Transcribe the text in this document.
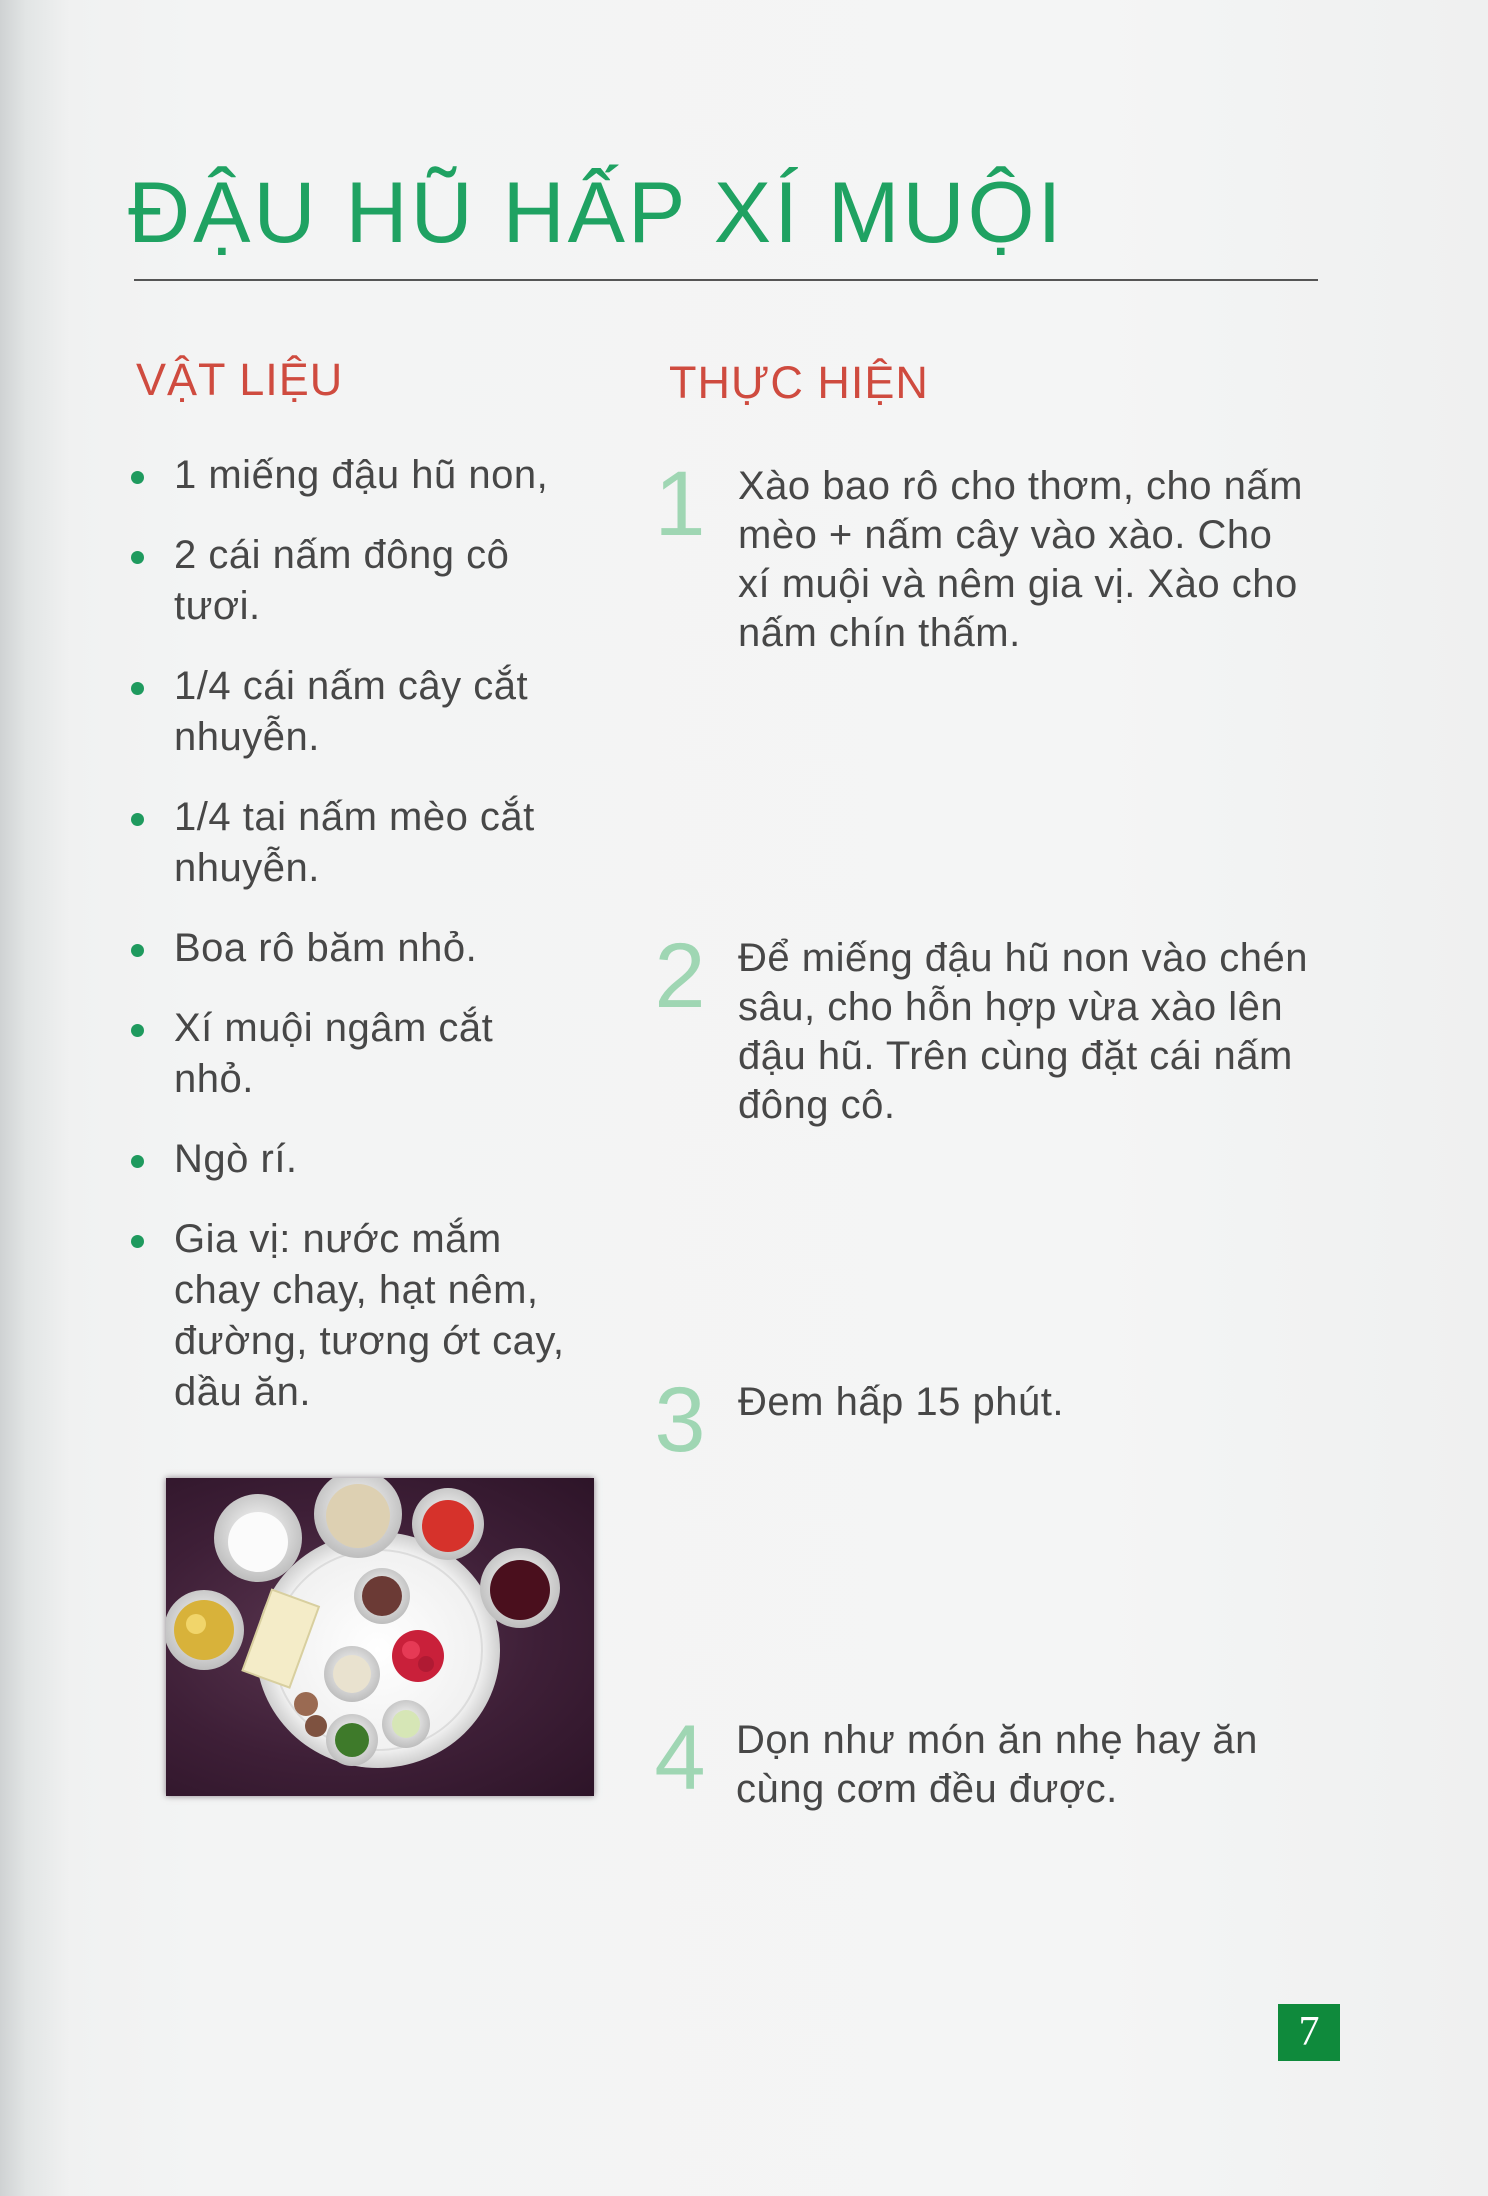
ĐẬU HŨ HẤP XÍ MUỘI
VẬT LIỆU
1 miếng đậu hũ non,
2 cái nấm đông cô
tươi.
1/4 cái nấm cây cắt
nhuyễn.
1/4 tai nấm mèo cắt
nhuyễn.
Boa rô băm nhỏ.
Xí muội ngâm cắt
nhỏ.
Ngò rí.
Gia vị: nước mắm
chay chay, hạt nêm,
đường, tương ớt cay,
dầu ăn.
THỰC HIỆN
1 Xào bao rô cho thơm, cho nấm
mèo + nấm cây vào xào. Cho
xí muội và nêm gia vị. Xào cho
nấm chín thấm.
2 Để miếng đậu hũ non vào chén
sâu, cho hỗn hợp vừa xào lên
đậu hũ. Trên cùng đặt cái nấm
đông cô.
3 Đem hấp 15 phút.
4 Dọn như món ăn nhẹ hay ăn
cùng cơm đều được.
7
